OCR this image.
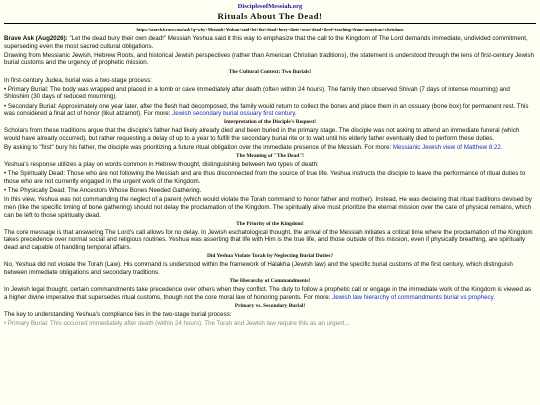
DisciplesofMessiah.org
Rituals About The Dead!
https://search.brave.com/ask?q=why+Messiah+Yeshua+said+let+the+dead+bury+their+own+dead+&ref=teaching+from+american+christians

Brave Ask (Aug2026): "Let the dead bury their own dead!" Messiah Yeshua said it this way to emphasize that the call to the Kingdom of The Lord demands immediate, undivided commitment, superseding even the most sacred cultural obligations.

Drawing from Messianic Jewish, Hebrew Roots, and historical Jewish perspectives (rather than American Christian traditions), the statement is understood through the lens of first-century Jewish burial customs and the urgency of prophetic mission.

The Cultural Context: Two Burials!

In first-century Judea, burial was a two-stage process:

• Primary Burial: The body was wrapped and placed in a tomb or cave immediately after death (often within 24 hours). The family then observed Shivah (7 days of intense mourning) and Shloshim (30 days of reduced mourning).

• Secondary Burial: Approximately one year later, after the flesh had decomposed, the family would return to collect the bones and place them in an ossuary (bone box) for permanent rest. This was considered a final act of honor (likut atzamot). For more: Jewish secondary burial ossuary first century.

Interpretation of the Disciple's Request!

Scholars from these traditions argue that the disciple's father had likely already died and been buried in the primary stage. The disciple was not asking to attend an immediate funeral (which would have already occurred), but rather requesting a delay of up to a year to fulfill the secondary burial rite or to wait until his elderly father eventually died to perform these duties.

By asking to "first" bury his father, the disciple was prioritizing a future ritual obligation over the immediate presence of the Messiah. For more: Messianic Jewish view of Matthew 8:22.

The Meaning of "The Dead"!

Yeshua's response utilizes a play on words common in Hebrew thought, distinguishing between two types of death:

• The Spiritually Dead: Those who are not following the Messiah and are thus disconnected from the source of true life. Yeshua instructs the disciple to leave the performance of ritual duties to those who are not currently engaged in the urgent work of the Kingdom.

• The Physically Dead: The Ancestors Whose Bones Needed Gathering.

In this view, Yeshua was not commanding the neglect of a parent (which would violate the Torah command to honor father and mother). Instead, He was declaring that ritual traditions devised by men (like the specific timing of bone gathering) should not delay the proclamation of the Kingdom. The spiritually alive must prioritize the eternal mission over the care of physical remains, which can be left to those spiritually dead.

The Priority of the Kingdom!

The core message is that answering The Lord's call allows for no delay. In Jewish eschatological thought, the arrival of the Messiah initiates a critical time where the proclamation of the Kingdom takes precedence over normal social and religious routines. Yeshua was asserting that life with Him is the true life, and those outside of this mission, even if physically breathing, are spiritually dead and capable of handling temporal affairs.

Did Yeshua Violate Torah by Neglecting Burial Duties?

No, Yeshua did not violate the Torah (Law). His command is understood within the framework of Halakha (Jewish law) and the specific burial customs of the first century, which distinguish between immediate obligations and secondary traditions.

The Hierarchy of Commandments!

In Jewish legal thought, certain commandments take precedence over others when they conflict. The duty to follow a prophetic call or engage in the immediate work of the Kingdom is viewed as a higher divine imperative that supersedes ritual customs, though not the core moral law of honoring parents. For more: Jewish law hierarchy of commandments burial vs prophecy.

Primary vs. Secondary Burial!

The key to understanding Yeshua's compliance lies in the two-stage burial process:

• Primary Burial: This occurred immediately after death (within 24 hours). The Torah and Jewish law require this as an urgent...
